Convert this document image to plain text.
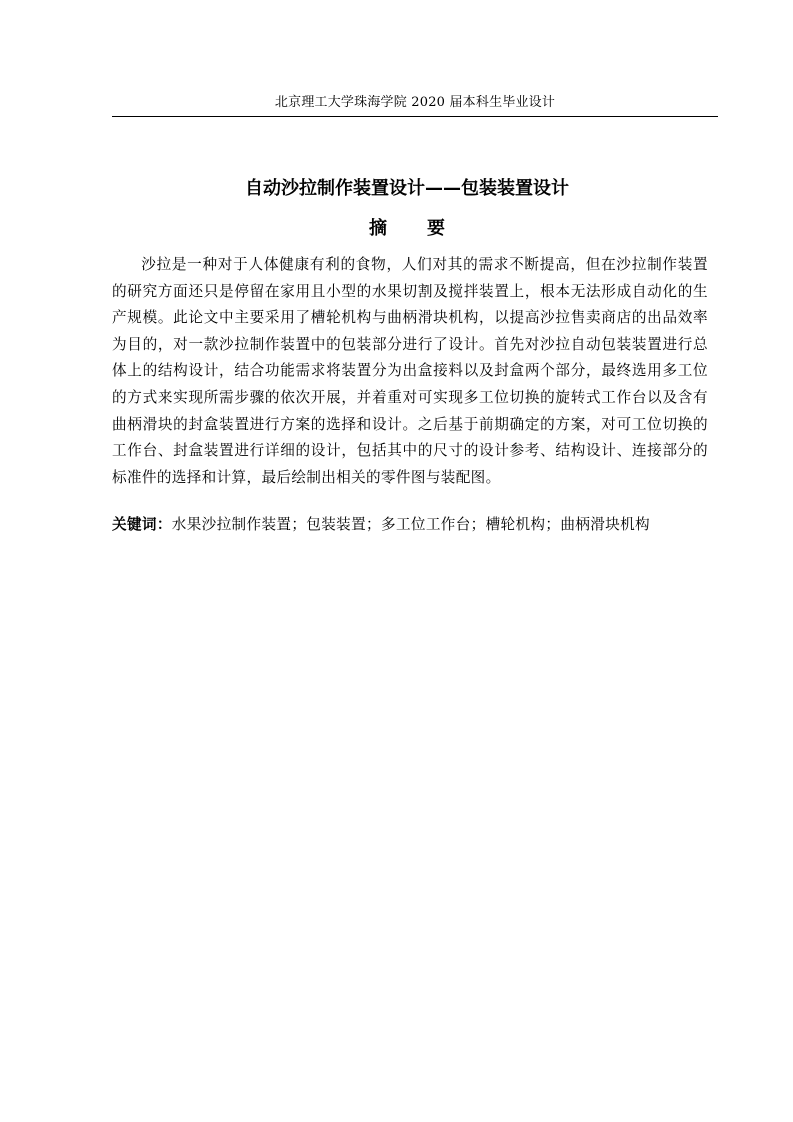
北京理工大学珠海学院 2020 届本科生毕业设计
自动沙拉制作装置设计——包装装置设计
摘 要
沙拉是一种对于人体健康有利的食物，人们对其的需求不断提高，但在沙拉制作装置的研究方面还只是停留在家用且小型的水果切割及搅拌装置上，根本无法形成自动化的生产规模。此论文中主要采用了槽轮机构与曲柄滑块机构，以提高沙拉售卖商店的出品效率为目的，对一款沙拉制作装置中的包装部分进行了设计。首先对沙拉自动包装装置进行总体上的结构设计，结合功能需求将装置分为出盒接料以及封盒两个部分，最终选用多工位的方式来实现所需步骤的依次开展，并着重对可实现多工位切换的旋转式工作台以及含有曲柄滑块的封盒装置进行方案的选择和设计。之后基于前期确定的方案，对可工位切换的工作台、封盒装置进行详细的设计，包括其中的尺寸的设计参考、结构设计、连接部分的标准件的选择和计算，最后绘制出相关的零件图与装配图。
关键词：水果沙拉制作装置；包装装置；多工位工作台；槽轮机构；曲柄滑块机构
